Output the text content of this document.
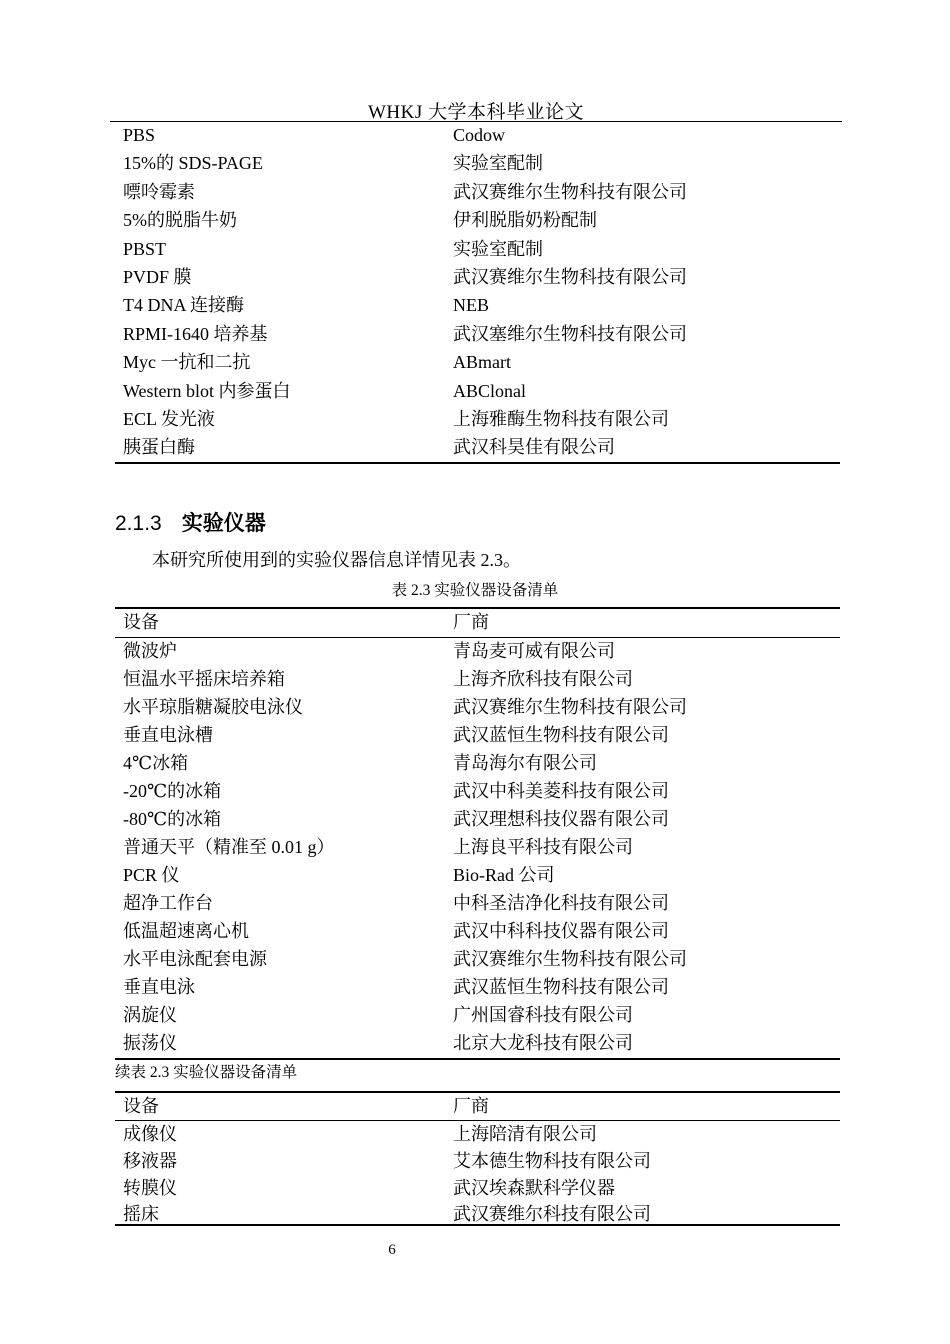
WHKJ 大学本科毕业论文
PBS	Codow
15%的 SDS-PAGE	实验室配制
嘌呤霉素	武汉赛维尔生物科技有限公司
5%的脱脂牛奶	伊利脱脂奶粉配制
PBST	实验室配制
PVDF 膜	武汉赛维尔生物科技有限公司
T4 DNA 连接酶	NEB
RPMI-1640 培养基	武汉塞维尔生物科技有限公司
Myc 一抗和二抗	ABmart
Western blot 内参蛋白	ABClonal
ECL 发光液	上海雅酶生物科技有限公司
胰蛋白酶	武汉科昊佳有限公司
2.1.3 实验仪器
本研究所使用到的实验仪器信息详情见表 2.3。
表 2.3 实验仪器设备清单
设备	厂商
微波炉	青岛麦可威有限公司
恒温水平摇床培养箱	上海齐欣科技有限公司
水平琼脂糖凝胶电泳仪	武汉赛维尔生物科技有限公司
垂直电泳槽	武汉蓝恒生物科技有限公司
4℃冰箱	青岛海尔有限公司
-20℃的冰箱	武汉中科美菱科技有限公司
-80℃的冰箱	武汉理想科技仪器有限公司
普通天平（精准至 0.01 g）	上海良平科技有限公司
PCR 仪	Bio-Rad 公司
超净工作台	中科圣洁净化科技有限公司
低温超速离心机	武汉中科科技仪器有限公司
水平电泳配套电源	武汉赛维尔生物科技有限公司
垂直电泳	武汉蓝恒生物科技有限公司
涡旋仪	广州国睿科技有限公司
振荡仪	北京大龙科技有限公司
续表 2.3 实验仪器设备清单
设备	厂商
成像仪	上海陪清有限公司
移液器	艾本德生物科技有限公司
转膜仪	武汉埃森默科学仪器
摇床	武汉赛维尔科技有限公司
6
